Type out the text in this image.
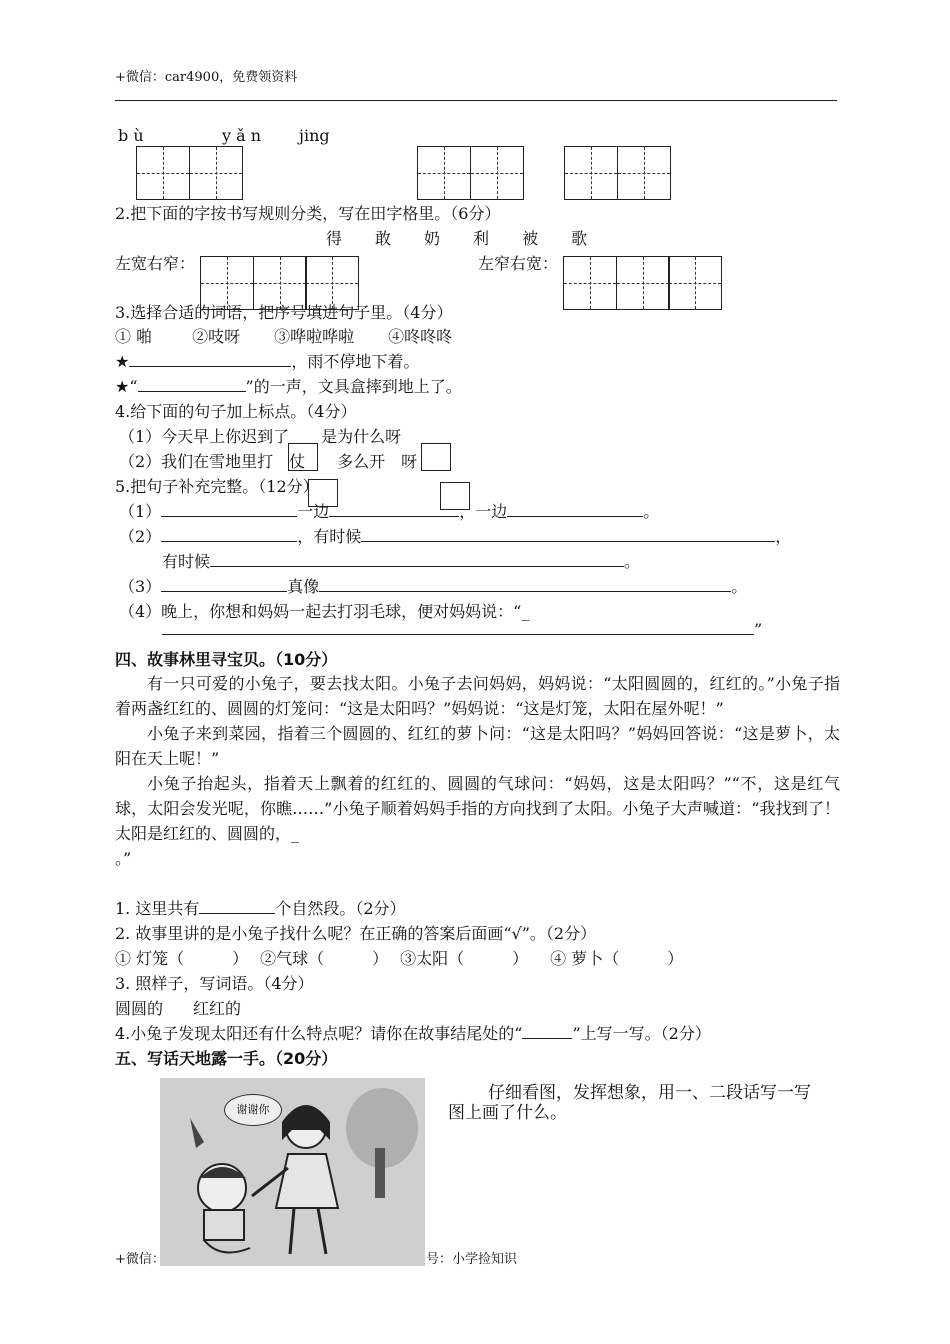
+微信：car4900，免费领资料
b ù	y ǎ n jing
2.把下面的字按书写规则分类，写在田字格里。（6分）
得 敢 奶 利 被 歌
左宽右窄：	左窄右宽：
3.选择合适的词语，把序号填进句子里。（4分）
① 啪	②吱呀 ③哗啦哗啦 ④咚咚咚
★	，雨不停地下着。
★“	”的一声，文具盒摔到地上了。
4.给下面的句子加上标点。（4分）
（1）今天早上你迟到了　　是为什么呀
（2）我们在雪地里打　仗　　多么开　呀
5.把句子补充完整。（12分）
（1）	一边	，一边	。
（2）	，有时候	，
有时候	。
（3）	真像	。
（4）晚上，你想和妈妈一起去打羽毛球，便对妈妈说：“_
”
四、故事林里寻宝贝。（10分）

有一只可爱的小兔子，要去找太阳。小兔子去问妈妈，妈妈说：“太阳圆圆的，红红的。”小兔子指着两盏红红的、圆圆的灯笼问：“这是太阳吗？”妈妈说：“这是灯笼，太阳在屋外呢！”

小兔子来到菜园，指着三个圆圆的、红红的萝卜问：“这是太阳吗？”妈妈回答说：“这是萝卜，太阳在天上呢！”

小兔子抬起头，指着天上飘着的红红的、圆圆的气球问：“妈妈，这是太阳吗？”“不，这是红气球，太阳会发光呢，你瞧……”小兔子顺着妈妈手指的方向找到了太阳。小兔子大声喊道：“我找到了！太阳是红红的、圆圆的，_

。”

1. 这里共有	个自然段。（2分）
2. 故事里讲的是小兔子找什么呢？在正确的答案后面画“√”。（2分）
① 灯笼（　　　） ②气球（　　　） ③太阳（　　　） ④ 萝卜（　　　）
3. 照样子，写词语。（4分）
圆圆的 红红的
4.小兔子发现太阳还有什么特点呢？请你在故事结尾处的“	”上写一写。（2分）
五、写话天地露一手。（20分）
谢谢你
仔细看图，发挥想象，用一、二段话写一写
图上画了什么。
+微信：	号：小学捡知识
